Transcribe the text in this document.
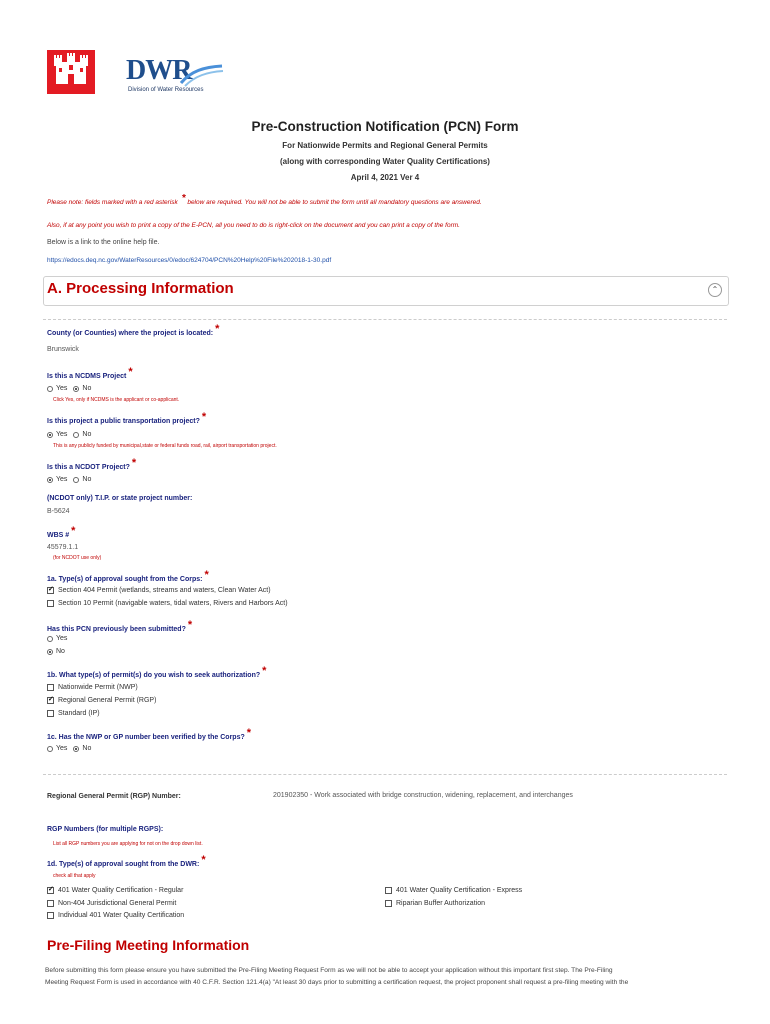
DWR
Division of Water Resources
Pre-Construction Notification (PCN) Form
For Nationwide Permits and Regional General Permits
(along with corresponding Water Quality Certifications)
April 4, 2021 Ver 4
Please note: fields marked with a red asterisk * below are required. You will not be able to submit the form until all mandatory questions are answered.
Also, if at any point you wish to print a copy of the E-PCN, all you need to do is right-click on the document and you can print a copy of the form.
Below is a link to the online help file.
https://edocs.deq.nc.gov/WaterResources/0/edoc/624704/PCN%20Help%20File%202018-1-30.pdf
A. Processing Information	⌃
County (or Counties) where the project is located: *
Brunswick
Is this a NCDMS Project *
Yes No
Click Yes, only if NCDMS is the applicant or co-applicant.
Is this project a public transportation project? *
Yes No
This is any publicly funded by municipal,state or federal funds road, rail, airport transportation project.
Is this a NCDOT Project? *
Yes No
(NCDOT only) T.I.P. or state project number:
B-5624
WBS # *
45579.1.1
(for NCDOT use only)
1a. Type(s) of approval sought from the Corps: *
✓
Section 404 Permit (wetlands, streams and waters, Clean Water Act)
Section 10 Permit (navigable waters, tidal waters, Rivers and Harbors Act)
Has this PCN previously been submitted? *
Yes
No
1b. What type(s) of permit(s) do you wish to seek authorization? *
Nationwide Permit (NWP)
✓
Regional General Permit (RGP)
Standard (IP)
1c. Has the NWP or GP number been verified by the Corps? *
Yes No
Regional General Permit (RGP) Number:	201902350 - Work associated with bridge construction, widening, replacement, and interchanges
RGP Numbers (for multiple RGPS):
List all RGP numbers you are applying for not on the drop down list.
1d. Type(s) of approval sought from the DWR: *
check all that apply
✓
401 Water Quality Certification - Regular
Non-404 Jurisdictional General Permit
Individual 401 Water Quality Certification
401 Water Quality Certification - Express
Riparian Buffer Authorization
Pre-Filing Meeting Information
Before submitting this form please ensure you have submitted the Pre-Filing Meeting Request Form as we will not be able to accept your application without this important first step. The Pre-Filing
Meeting Request Form is used in accordance with 40 C.F.R. Section 121.4(a) "At least 30 days prior to submitting a certification request, the project proponent shall request a pre-filing meeting with the
